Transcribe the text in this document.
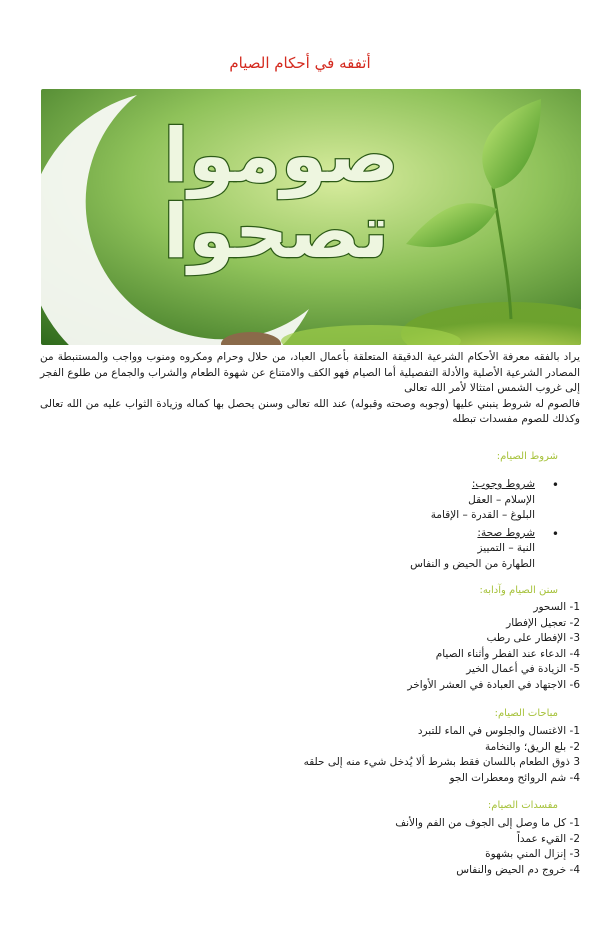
أتفقه في أحكام الصيام
صوموا
تصحوا

يراد بالفقه معرفة الأحكام الشرعية الدقيقة المتعلقة بأعمال العباد، من حلال وحرام ومكروه ومنوب وواجب والمستنبطة من المصادر الشرعية الأصلية والأدلة التفصيلية أما الصيام فهو الكف والامتناع عن شهوة الطعام والشراب والجماع من طلوع الفجر إلى غروب الشمس امتثالا لأمر الله تعالى

فالصوم له شروط ينبني عليها (وجوبه وصحته وقبوله) عند الله تعالى وسنن يحصل بها كماله وزيادة الثواب عليه من الله تعالى وكذلك للصوم مفسدات تبطله

شروط الصيام:
•
شروط وجوب:
الإسلام – العقل
البلوغ – القدرة – الإقامة
•
شروط صحة:
النية – التمييز
الطهارة من الحيض و النفاس
سنن الصيام وآدابه:
1- السحور
2- تعجيل الإفطار
3- الإفطار على رطب
4- الدعاء عند الفطر وأثناء الصيام
5- الزيادة في أعمال الخير
6- الاجتهاد في العبادة في العشر الأواخر
مباحات الصيام:
1- الاغتسال والجلوس في الماء للتبرد
2- بلع الريق؛ والنخامة
3 ذوق الطعام باللسان فقط بشرط ألا يُدخل شيء منه إلى حلقه
4- شم الروائح ومعطرات الجو
مفسدات الصيام:
1- كل ما وصل إلى الجوف من الفم والأنف
2- القيء عمداً
3- إنزال المني بشهوة
4- خروج دم الحيض والنفاس
